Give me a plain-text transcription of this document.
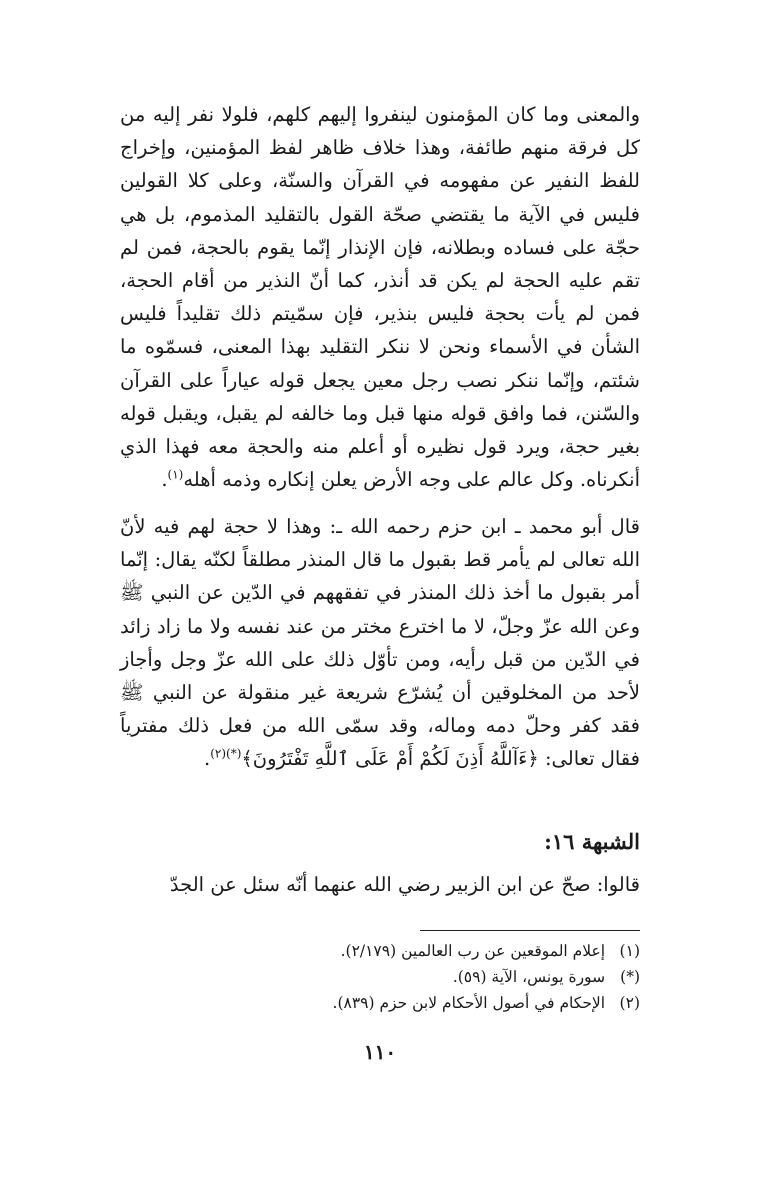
والمعنى وما كان المؤمنون لينفروا إليهم كلهم، فلولا نفر إليه من كل فرقة منهم طائفة، وهذا خلاف ظاهر لفظ المؤمنين، وإخراج للفظ النفير عن مفهومه في القرآن والسنّة، وعلى كلا القولين فليس في الآية ما يقتضي صحّة القول بالتقليد المذموم، بل هي حجّة على فساده وبطلانه، فإن الإنذار إنّما يقوم بالحجة، فمن لم تقم عليه الحجة لم يكن قد أنذر، كما أنّ النذير من أقام الحجة، فمن لم يأت بحجة فليس بنذير، فإن سمّيتم ذلك تقليداً فليس الشأن في الأسماء ونحن لا ننكر التقليد بهذا المعنى، فسمّوه ما شئتم، وإنّما ننكر نصب رجل معين يجعل قوله عياراً على القرآن والسّنن، فما وافق قوله منها قبل وما خالفه لم يقبل، ويقبل قوله بغير حجة، ويرد قول نظيره أو أعلم منه والحجة معه فهذا الذي أنكرناه. وكل عالم على وجه الأرض يعلن إنكاره وذمه أهله$^{(١)}$.
قال أبو محمد ـ ابن حزم رحمه الله ـ: وهذا لا حجة لهم فيه لأنّ الله تعالى لم يأمر قط بقبول ما قال المنذر مطلقاً لكنّه يقال: إنّما أمر بقبول ما أخذ ذلك المنذر في تفقههم في الدّين عن النبي ﷺ وعن الله عزّ وجلّ، لا ما اخترع مختر من عند نفسه ولا ما زاد زائد في الدّين من قبل رأيه، ومن تأوّل ذلك على الله عزّ وجل وأجاز لأحد من المخلوقين أن يُشرّع شريعة غير منقولة عن النبي ﷺ فقد كفر وحلّ دمه وماله، وقد سمّى الله من فعل ذلك مفترياً فقال تعالى: ﴿ءَآللَّهُ أَذِنَ لَكُمْ أَمْ عَلَى ٱللَّهِ تَفْتَرُونَ﴾$^{(*)(٢)}$.
الشبهة ١٦:
قالوا: صحّ عن ابن الزبير رضي الله عنهما أنّه سئل عن الجدّ
(١) إعلام الموقعين عن رب العالمين (٢/١٧٩).
(*) سورة يونس، الآية (٥٩).
(٢) الإحكام في أصول الأحكام لابن حزم (٨٣٩).
١١٠
